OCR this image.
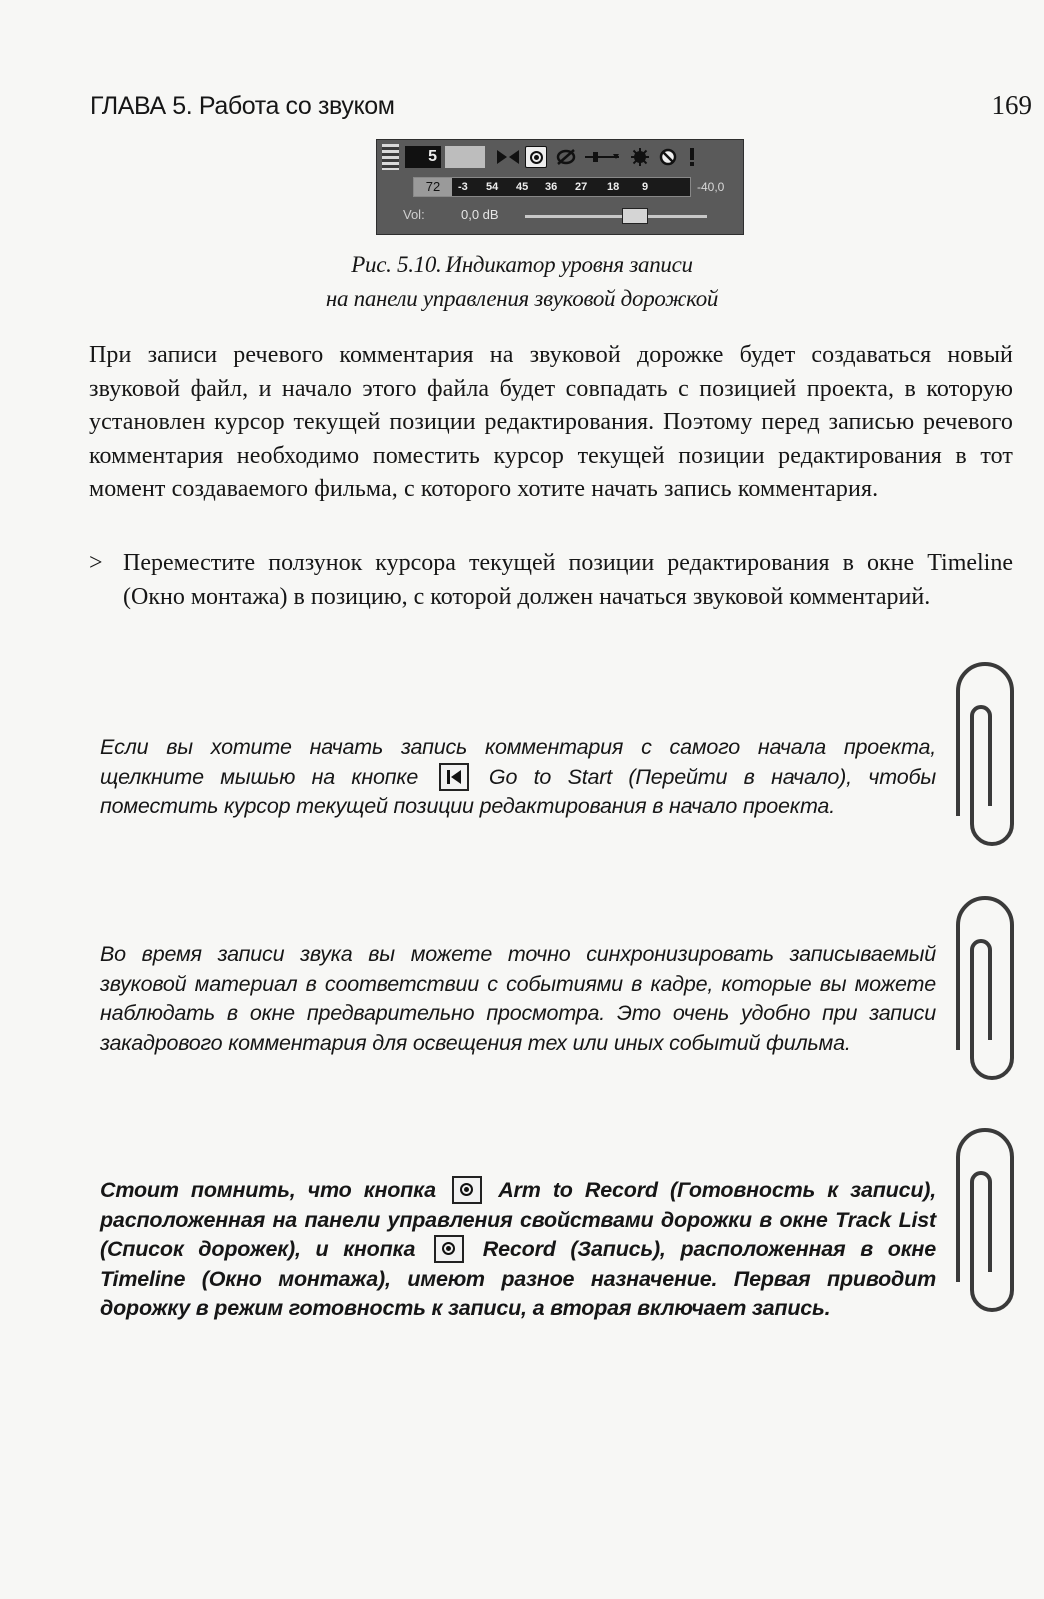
ГЛАВА 5. Работа со звуком	169
5
72	-3 54 45 36 27 18 9	-40,0
Vol:	0,0 dB
Рис. 5.10. Индикатор уровня записи
на панели управления звуковой дорожкой
При записи речевого комментария на звуковой дорожке будет создаваться новый звуковой файл, и начало этого файла будет совпадать с позицией проекта, в которую установлен курсор текущей позиции редактирования. Поэтому перед записью речевого комментария необходимо поместить курсор текущей позиции редактирования в тот момент создаваемого фильма, с которого хотите начать запись комментария.
> Переместите ползунок курсора текущей позиции редактирования в окне Timeline (Окно монтажа) в позицию, с которой должен начаться звуковой комментарий.
Если вы хотите начать запись комментария с самого начала проекта, щелкните мышью на кнопке	Go to Start (Перейти в начало), чтобы поместить курсор текущей позиции редактирования в начало проекта.
Во время записи звука вы можете точно синхронизировать записываемый звуковой материал в соответствии с событиями в кадре, которые вы можете наблюдать в окне предварительно просмотра. Это очень удобно при записи закадрового комментария для освещения тех или иных событий фильма.
Стоит помнить, что кнопка	Arm to Record (Готовность к записи), расположенная на панели управления свойствами дорожки в окне Track List (Список дорожек), и кнопка	Record (Запись), расположенная в окне Timeline (Окно монтажа), имеют разное назначение. Первая приводит дорожку в режим готовность к записи, а вторая включает запись.
